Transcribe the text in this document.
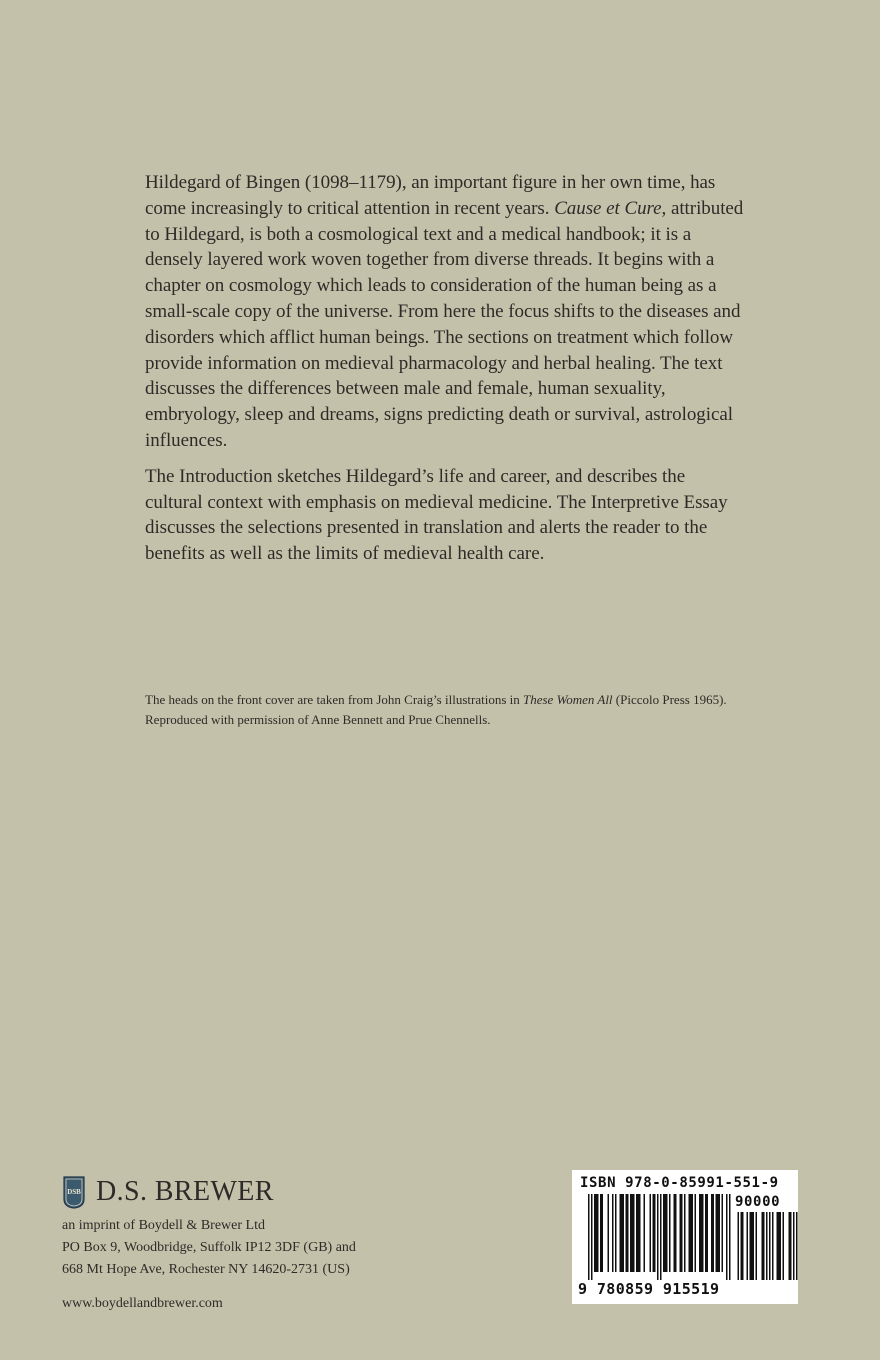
Hildegard of Bingen (1098–1179), an important figure in her own time, has come increasingly to critical attention in recent years. Cause et Cure, attributed to Hildegard, is both a cosmological text and a medical handbook; it is a densely layered work woven together from diverse threads. It begins with a chapter on cosmology which leads to consideration of the human being as a small-scale copy of the universe. From here the focus shifts to the diseases and disorders which afflict human beings. The sections on treatment which follow provide information on medieval pharmacology and herbal healing. The text discusses the differences between male and female, human sexuality, embryology, sleep and dreams, signs predicting death or survival, astrological influences.

The Introduction sketches Hildegard’s life and career, and describes the cultural context with emphasis on medieval medicine. The Interpretive Essay discusses the selections presented in translation and alerts the reader to the benefits as well as the limits of medieval health care.

The heads on the front cover are taken from John Craig’s illustrations in These Women All (Piccolo Press 1965). Reproduced with permission of Anne Bennett and Prue Chennells.
DSB D.S. BREWER
an imprint of Boydell & Brewer Ltd
PO Box 9, Woodbridge, Suffolk IP12 3DF (GB) and
668 Mt Hope Ave, Rochester NY 14620-2731 (US)
www.boydellandbrewer.com
ISBN 978-0-85991-551-9
90000
9 780859 915519
